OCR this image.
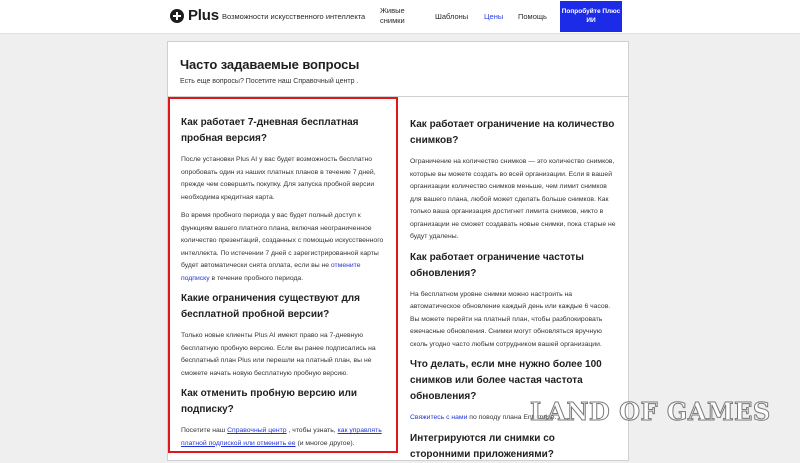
Plus Возможности искусственного интеллекта
Живые снимки	Шаблоны Цены Помощь
Попробуйте Плюс ИИ
Часто задаваемые вопросы
Есть еще вопросы? Посетите наш Справочный центр .
Как работает 7-дневная бесплатная пробная версия?
После установки Plus AI у вас будет возможность бесплатно опробовать один из наших платных планов в течение 7 дней, прежде чем совершить покупку. Для запуска пробной версии необходима кредитная карта.
Во время пробного периода у вас будет полный доступ к функциям вашего платного плана, включая неограниченное количество презентаций, созданных с помощью искусственного интеллекта. По истечении 7 дней с зарегистрированной карты будет автоматически снята оплата, если вы не отмените подписку в течение пробного периода.
Какие ограничения существуют для бесплатной пробной версии?
Только новые клиенты Plus AI имеют право на 7-дневную бесплатную пробную версию. Если вы ранее подписались на бесплатный план Plus или перешли на платный план, вы не сможете начать новую бесплатную пробную версию.
Как отменить пробную версию или подписку?
Посетите наш Справочный центр , чтобы узнать, как управлять платной подпиской или отменить ее (и многое другое).
Как работает ограничение на количество снимков?
Ограничение на количество снимков — это количество снимков, которые вы можете создать во всей организации. Если в вашей организации количество снимков меньше, чем лимит снимков для вашего плана, любой может сделать больше снимков. Как только ваша организация достигнет лимита снимков, никто в организации не сможет создавать новые снимки, пока старые не будут удалены.
Как работает ограничение частоты обновления?
На бесплатном уровне снимки можно настроить на автоматическое обновление каждый день или каждые 6 часов. Вы можете перейти на платный план, чтобы разблокировать ежечасные обновления. Снимки могут обновляться вручную сколь угодно часто любым сотрудником вашей организации.
Что делать, если мне нужно более 100 снимков или более частая частота обновления?
Свяжитесь с нами по поводу плана Enterprise.
Интегрируются ли снимки со сторонними приложениями?
LAND OF GAMES
